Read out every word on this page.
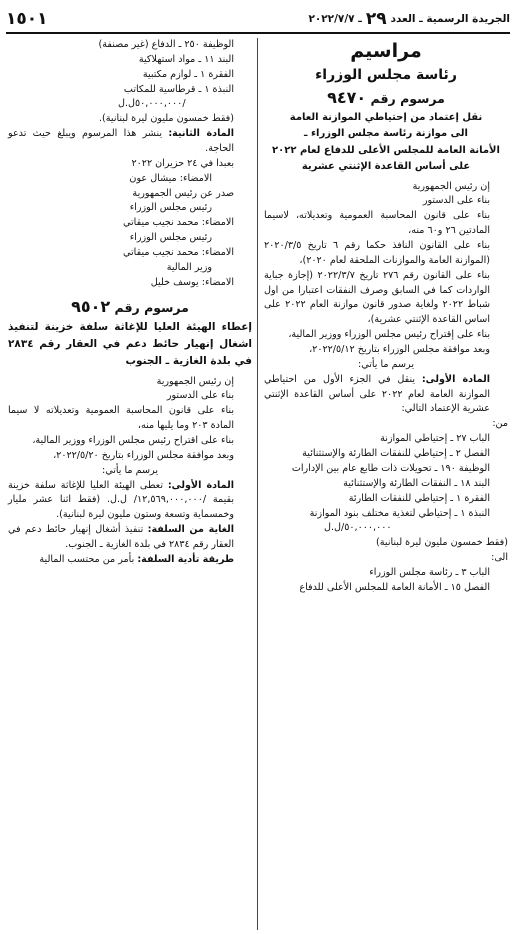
الجريدة الرسمية ـ العدد
٢٩
ـ ٢٠٢٢/٧/٧
١٥٠١

مراسيم

رئاسة مجلس الوزراء

مرسوم رقم ٩٤٧٠

نقل إعتماد من إحتياطي الموازنة العامة

الى موازنة رئاسة مجلس الوزراء ـ

الأمانة العامة للمجلس الأعلى للدفاع لعام ٢٠٢٢

على أساس القاعدة الإثنتي عشرية

إن رئيس الجمهورية

بناء على الدستور

بناء على قانون المحاسبة العمومية وتعديلاته، لاسيما المادتين ٢٦ و٦٠ منه،

بناء على القانون النافذ حكما رقم ٦ تاريخ ٢٠٢٠/٣/٥ (الموازنة العامة والموازنات الملحقة لعام ٢٠٢٠)،

بناء على القانون رقم ٢٧٦ تاريخ ٢٠٢٢/٣/٧ (إجازة جباية الواردات كما في السابق وصرف النفقات اعتبارا من اول شباط ٢٠٢٢ ولغاية صدور قانون موازنة العام ٢٠٢٢ على اساس القاعدة الإثنتي عشرية)،

بناء على إقتراح رئيس مجلس الوزراء ووزير المالية،

وبعد موافقة مجلس الوزراء بتاريخ ٢٠٢٢/٥/١٢،

يرسم ما يأتي:

المادة الأولى: ينقل في الجزء الأول من احتياطي الموازنة العامة لعام ٢٠٢٢ على أساس القاعدة الإثنتي عشرية الإعتماد التالي:

من:

الباب ٢٧ ـ إحتياطي الموازنة

الفصل ٢ ـ إحتياطي للنفقات الطارئة والإستثنائية

الوظيفة ١٩٠ ـ تحويلات ذات طابع عام بين الإدارات

البند ١٨ ـ النفقات الطارئة والإستثنائية

الفقرة ١ ـ إحتياطي للنفقات الطارئة

النبذة ١ ـ إحتياطي لتغذية مختلف بنود الموازنة

٥٠,٠٠٠,٠٠٠/ل.ل

(فقط خمسون مليون ليرة لبنانية)

الى:

الباب ٣ ـ رئاسة مجلس الوزراء

الفصل ١٥ ـ الأمانة العامة للمجلس الأعلى للدفاع

الوظيفة ٢٥٠ ـ الدفاع (غير مصنفة)

البند ١١ ـ مواد استهلاكية

الفقرة ١ ـ لوازم مكتبية

النبذة ١ ـ قرطاسية للمكاتب

/٥٠,٠٠٠,٠٠٠ل.ل

(فقط خمسون مليون ليرة لبنانية).

المادة الثانية: ينشر هذا المرسوم ويبلغ حيث تدعو الحاجة.

بعبدا في ٢٤ حزيران ٢٠٢٢

الامضاء: ميشال عون

صدر عن رئيس الجمهورية

رئيس مجلس الوزراء

الامضاء: محمد نجيب ميقاتي

رئيس مجلس الوزراء

الامضاء: محمد نجيب ميقاتي

وزير المالية

الامضاء: يوسف خليل

مرسوم رقم ٩٥٠٢

إعطاء الهيئة العليا للإغاثة سلفة خزينة لتنفيذ اشغال إنهيار حائط دعم في العقار رقم ٢٨٣٤ في بلدة الغازية ـ الجنوب

إن رئيس الجمهورية

بناء على الدستور

بناء على قانون المحاسبة العمومية وتعديلاته لا سيما المادة ٢٠٣ وما يليها منه،

بناء على اقتراح رئيس مجلس الوزراء ووزير المالية،

وبعد موافقة مجلس الوزراء بتاريخ ٢٠٢٢/٥/٢٠،

يرسم ما يأتي:

المادة الأولى: تعطى الهيئة العليا للإغاثة سلفة خزينة بقيمة /١٢,٥٦٩,٠٠٠,٠٠٠/ ل.ل. (فقط اثنا عشر مليار وخمسماية وتسعة وستون مليون ليرة لبنانية).

الغاية من السلفة: تنفيذ أشغال إنهيار حائط دعم في العقار رقم ٢٨٣٤ في بلدة الغازية ـ الجنوب.

طريقة تأدية السلفة: بأمر من محتسب المالية
